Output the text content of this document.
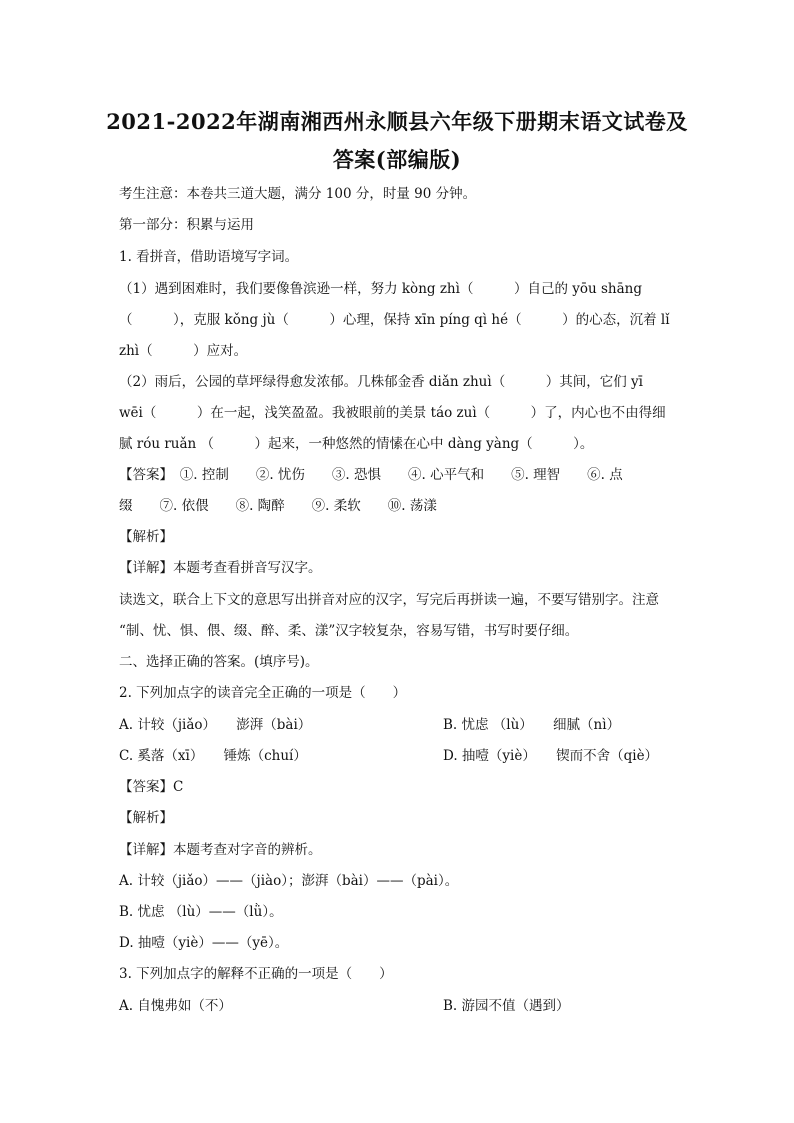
2021-2022年湖南湘西州永顺县六年级下册期末语文试卷及
答案(部编版)
考生注意：本卷共三道大题，满分 100 分，时量 90 分钟。
第一部分：积累与运用
1. 看拼音，借助语境写字词。
（1）遇到困难时，我们要像鲁滨逊一样，努力 kòng zhì（　　　）自己的 yōu shāng
（　　　），克服 kǒng jù（　　　）心理，保持 xīn píng qì hé（　　　）的心态，沉着 lǐ
zhì（　　　）应对。
（2）雨后，公园的草坪绿得愈发浓郁。几株郁金香 diǎn zhuì（　　　）其间，它们 yī
wēi（　　　）在一起，浅笑盈盈。我被眼前的美景 táo zuì（　　　）了，内心也不由得细
腻 róu ruǎn （　　　）起来，一种悠然的情愫在心中 dàng yàng（　　　）。
【答案】　①. 控制　　②. 忧伤　　③. 恐惧　　④. 心平气和　　⑤. 理智　　⑥. 点
缀　　⑦. 依偎　　⑧. 陶醉　　⑨. 柔软　　⑩. 荡漾
【解析】
【详解】本题考查看拼音写汉字。
读选文，联合上下文的意思写出拼音对应的汉字，写完后再拼读一遍，不要写错别字。注意
“制、忧、惧、偎、缀、醉、柔、漾”汉字较复杂，容易写错，书写时要仔细。
二、选择正确的答案。(填序号)。
2. 下列加点字的读音完全正确的一项是（　　）
A. 计较（jiǎo）　　澎湃（bài）	B. 忧虑 （lù）　　细腻（nì）
C. 奚落（xī）　　锤炼（chuí）	D. 抽噎（yiè）　　锲而不舍（qiè）
【答案】C
【解析】
【详解】本题考查对字音的辨析。
A. 计较（jiǎo）——（jiào）；澎湃（bài）——（pài）。
B. 忧虑 （lù）——（lǜ）。
D. 抽噎（yiè）——（yē）。
3. 下列加点字的解释不正确的一项是（　　）
A. 自愧弗如（不）	B. 游园不值（遇到）
